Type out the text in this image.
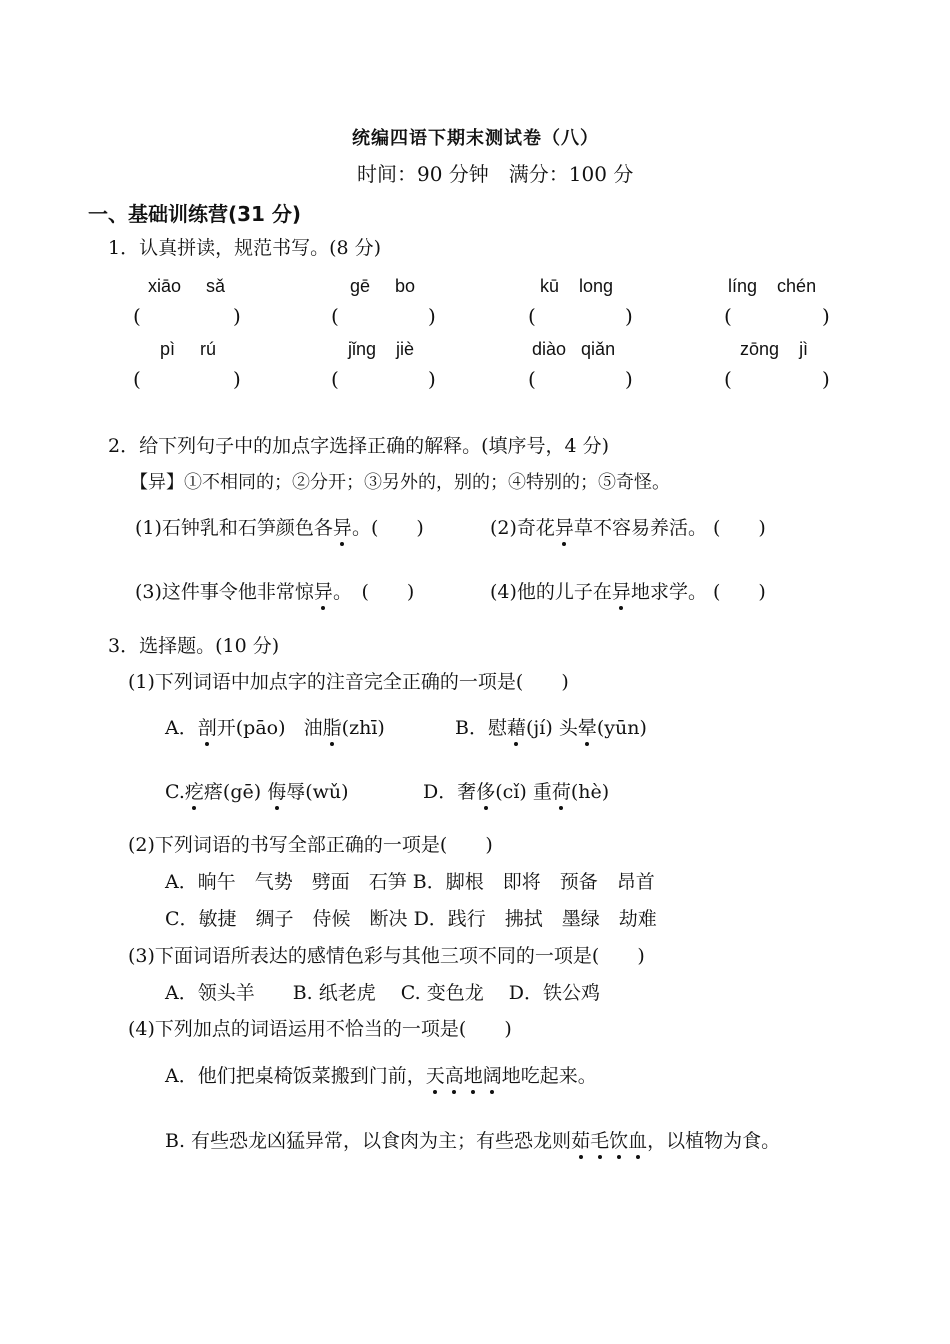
统编四语下期末测试卷（八）
时间：90 分钟　满分：100 分
一、基础训练营(31 分)
1．认真拼读，规范书写。(8 分)
xiāo sǎ	gē bo	kū long	líng chén
(	)	(	)	(	)	(	)
pì rú	jǐng jiè	diào qiǎn	zōng jì
(	)	(	)	(	)	(	)
2．给下列句子中的加点字选择正确的解释。(填序号，4 分)
【异】①不相同的；②分开；③另外的，别的；④特别的；⑤奇怪。
(1)石钟乳和石笋颜色各异。(　　)	(2)奇花异草不容易养活。 (　　)
(3)这件事令他非常惊异。　(　　)	(4)他的儿子在异地求学。 (　　)
3．选择题。(10 分)
(1)下列词语中加点字的注音完全正确的一项是(　　)
A．剖开(pāo) 油脂(zhī)	B．慰藉(jí) 头晕(yūn)
C.疙瘩(gē) 侮辱(wǔ)	D．奢侈(cǐ) 重荷(hè)
(2)下列词语的书写全部正确的一项是(　　)
A．晌午　气势　劈面　石笋 B．脚根　即将　预备　昂首
C．敏捷　绸子　侍候　断决 D．践行　拂拭　墨绿　劫难
(3)下面词语所表达的感情色彩与其他三项不同的一项是(　　)
A．领头羊　　B. 纸老虎　 C. 变色龙　 D．铁公鸡
(4)下列加点的词语运用不恰当的一项是(　　)
A．他们把桌椅饭菜搬到门前，天高地阔地吃起来。
B. 有些恐龙凶猛异常，以食肉为主；有些恐龙则茹毛饮血，以植物为食。
